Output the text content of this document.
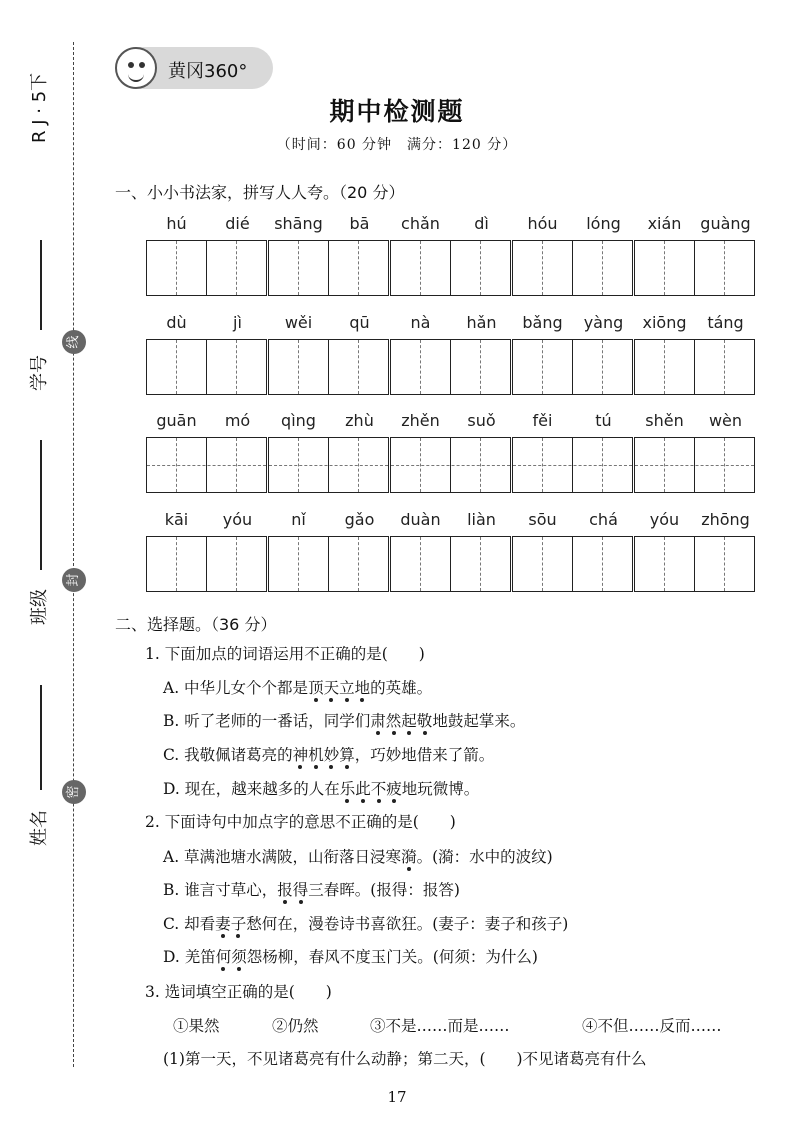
R J · 5下
学号
班级
姓名
线
封
密
黄冈360°
期中检测题
（时间：60 分钟　满分：120 分）
一、小小书法家，拼写人人夸。（20 分）
hú	dié	shāng	bā	chǎn	dì	hóu	lóng	xián	guàng
dù	jì	wěi	qū	nà	hǎn	bǎng	yàng	xiōng	táng
guān	mó	qìng	zhù	zhěn	suǒ	fěi	tú	shěn	wèn
kāi	yóu	nǐ	gǎo	duàn	liàn	sōu	chá	yóu	zhōng
二、选择题。（36 分）
1. 下面加点的词语运用不正确的是(　　)
A. 中华儿女个个都是顶天立地的英雄。
B. 听了老师的一番话，同学们肃然起敬地鼓起掌来。
C. 我敬佩诸葛亮的神机妙算，巧妙地借来了箭。
D. 现在，越来越多的人在乐此不疲地玩微博。
2. 下面诗句中加点字的意思不正确的是(　　)
A. 草满池塘水满陂，山衔落日浸寒漪。(漪：水中的波纹)
B. 谁言寸草心，报得三春晖。(报得：报答)
C. 却看妻子愁何在，漫卷诗书喜欲狂。(妻子：妻子和孩子)
D. 羌笛何须怨杨柳，春风不度玉门关。(何须：为什么)
3. 选词填空正确的是(　　)
①果然	②仍然	③不是……而是……	④不但……反而……
(1)第一天，不见诸葛亮有什么动静；第二天，(　　)不见诸葛亮有什么
17
